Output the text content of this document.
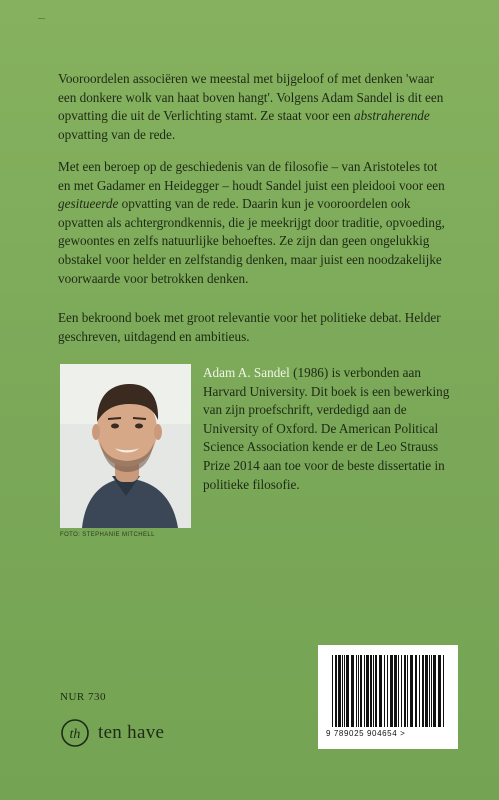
—

Vooroordelen associëren we meestal met bijgeloof of met denken 'waar een donkere wolk van haat boven hangt'. Volgens Adam Sandel is dit een opvatting die uit de Verlichting stamt. Ze staat voor een abstraherende opvatting van de rede.

Met een beroep op de geschiedenis van de filosofie – van Aristoteles tot en met Gadamer en Heidegger – houdt Sandel juist een pleidooi voor een gesitueerde opvatting van de rede. Daarin kun je vooroordelen ook opvatten als achtergrondkennis, die je meekrijgt door traditie, opvoeding, gewoontes en zelfs natuurlijke behoeftes. Ze zijn dan geen ongelukkig obstakel voor helder en zelfstandig denken, maar juist een noodzakelijke voorwaarde voor betrokken denken.

Een bekroond boek met groot relevantie voor het politieke debat. Helder geschreven, uitdagend en ambitieus.

FOTO: STEPHANIE MITCHELL

Adam A. Sandel (1986) is verbonden aan Harvard University. Dit boek is een bewerking van zijn proefschrift, verdedigd aan de University of Oxford. De American Political Science Association kende er de Leo Strauss Prize 2014 aan toe voor de beste dissertatie in politieke filosofie.

NUR 730
th ten have	9 789025 904654 >
